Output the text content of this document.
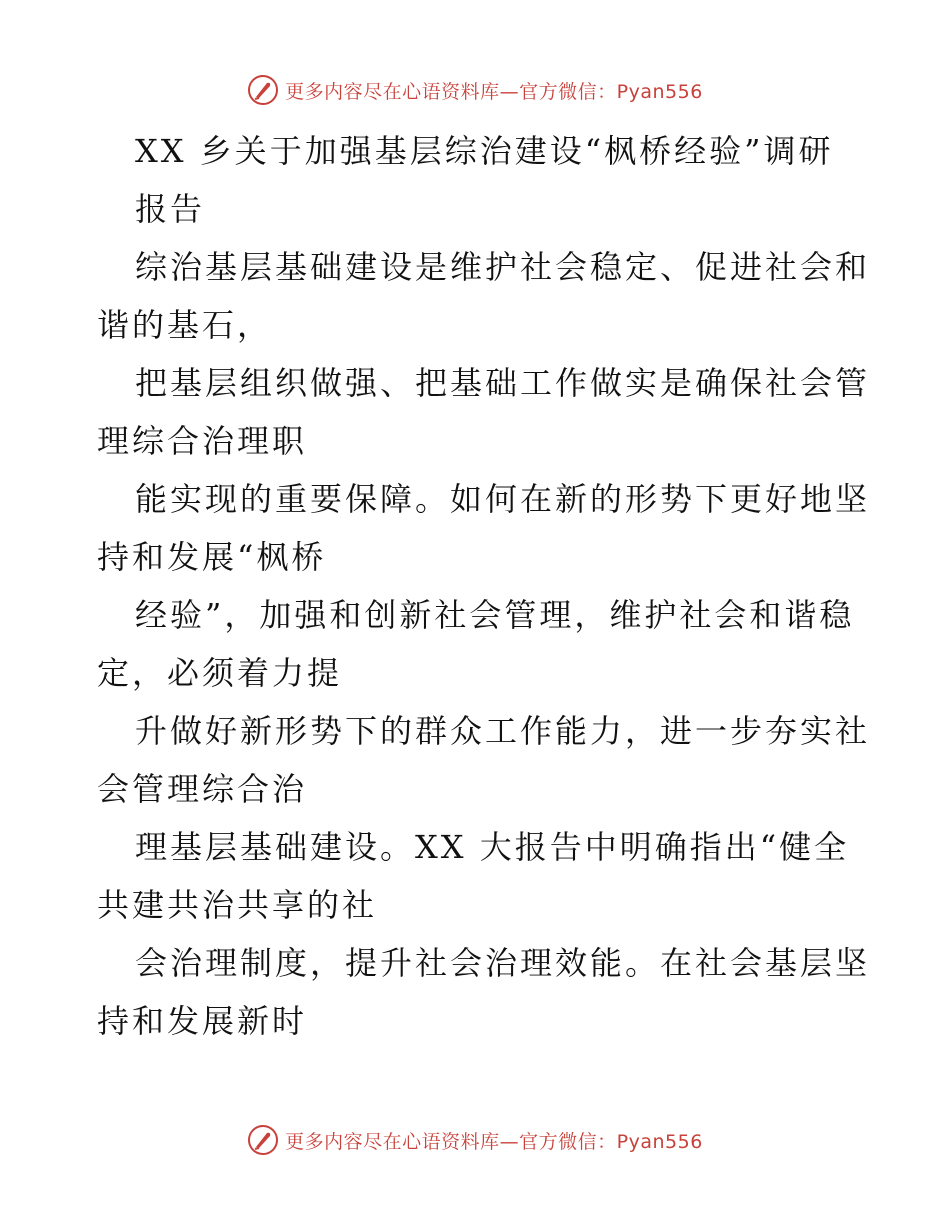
更多内容尽在心语资料库—官方微信：Pyan556
XX 乡关于加强基层综治建设“枫桥经验”调研
报告
综治基层基础建设是维护社会稳定、促进社会和
谐的基石，
把基层组织做强、把基础工作做实是确保社会管
理综合治理职
能实现的重要保障。如何在新的形势下更好地坚
持和发展“枫桥
经验”，加强和创新社会管理，维护社会和谐稳
定，必须着力提
升做好新形势下的群众工作能力，进一步夯实社
会管理综合治
理基层基础建设。XX 大报告中明确指出“健全
共建共治共享的社
会治理制度，提升社会治理效能。在社会基层坚
持和发展新时
更多内容尽在心语资料库—官方微信：Pyan556
